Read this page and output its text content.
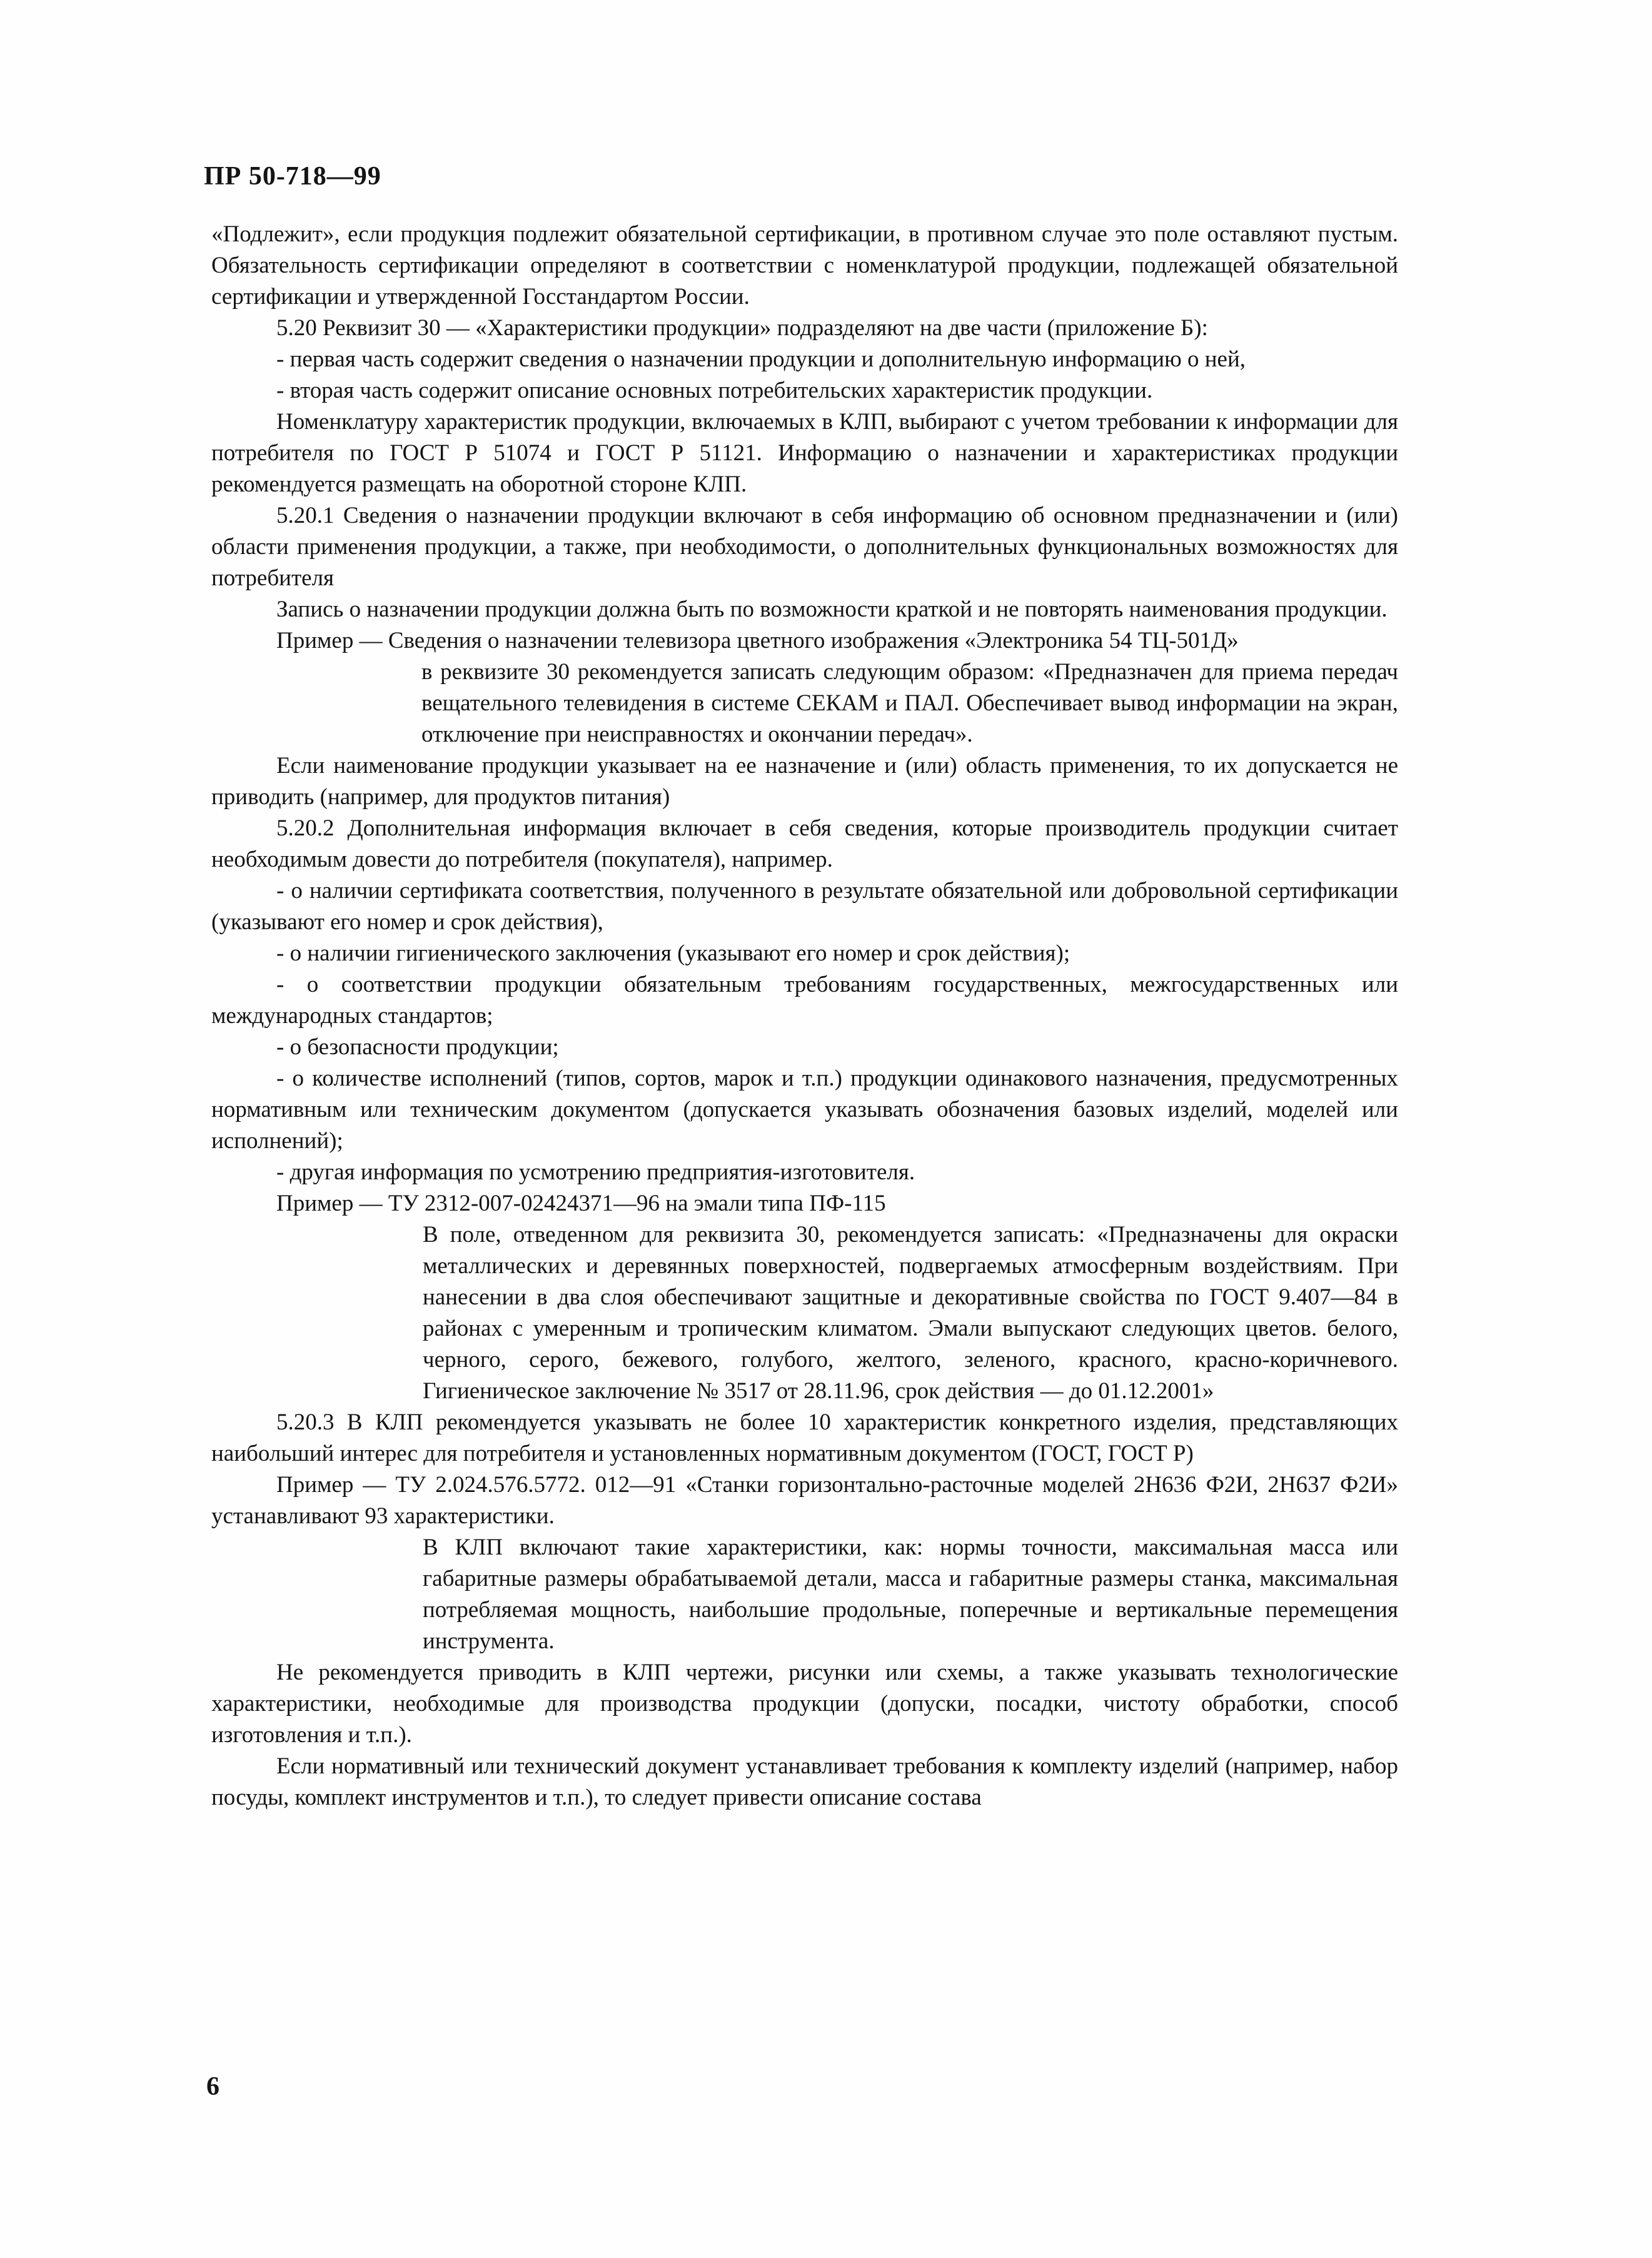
ПР 50-718—99

«Подлежит», если продукция подлежит обязательной сертификации, в противном случае это поле оставляют пустым. Обязательность сертификации определяют в соответствии с номенклатурой продукции, подлежащей обязательной сертификации и утвержденной Госстандартом России.

5.20 Реквизит 30 — «Характеристики продукции» подразделяют на две части (приложение Б):

- первая часть содержит сведения о назначении продукции и дополнительную информацию о ней,

- вторая часть содержит описание основных потребительских характеристик продукции.

Номенклатуру характеристик продукции, включаемых в КЛП, выбирают с учетом требовании к информации для потребителя по ГОСТ Р 51074 и ГОСТ Р 51121. Информацию о назначении и характеристиках продукции рекомендуется размещать на оборотной стороне КЛП.

5.20.1 Сведения о назначении продукции включают в себя информацию об основном предназначении и (или) области применения продукции, а также, при необходимости, о дополнительных функциональных возможностях для потребителя

Запись о назначении продукции должна быть по возможности краткой и не повторять наименования продукции.

Пример — Сведения о назначении телевизора цветного изображения «Электроника 54 ТЦ-501Д»

в реквизите 30 рекомендуется записать следующим образом: «Предназначен для приема передач вещательного телевидения в системе СЕКАМ и ПАЛ. Обеспечивает вывод информации на экран, отключение при неисправностях и окончании передач».

Если наименование продукции указывает на ее назначение и (или) область применения, то их допускается не приводить (например, для продуктов питания)

5.20.2 Дополнительная информация включает в себя сведения, которые производитель продукции считает необходимым довести до потребителя (покупателя), например.

- о наличии сертификата соответствия, полученного в результате обязательной или добровольной сертификации (указывают его номер и срок действия),

- о наличии гигиенического заключения (указывают его номер и срок действия);

- о соответствии продукции обязательным требованиям государственных, межгосударственных или международных стандартов;

- о безопасности продукции;

- о количестве исполнений (типов, сортов, марок и т.п.) продукции одинакового назначения, предусмотренных нормативным или техническим документом (допускается указывать обозначения базовых изделий, моделей или исполнений);

- другая информация по усмотрению предприятия-изготовителя.

Пример — ТУ 2312-007-02424371—96 на эмали типа ПФ-115

В поле, отведенном для реквизита 30, рекомендуется записать: «Предназначены для окраски металлических и деревянных поверхностей, подвергаемых атмосферным воздействиям. При нанесении в два слоя обеспечивают защитные и декоративные свойства по ГОСТ 9.407—84 в районах с умеренным и тропическим климатом. Эмали выпускают следующих цветов. белого, черного, серого, бежевого, голубого, желтого, зеленого, красного, красно-коричневого. Гигиеническое заключение № 3517 от 28.11.96, срок действия — до 01.12.2001»

5.20.3 В КЛП рекомендуется указывать не более 10 характеристик конкретного изделия, представляющих наибольший интерес для потребителя и установленных нормативным документом (ГОСТ, ГОСТ Р)

Пример — ТУ 2.024.576.5772. 012—91 «Станки горизонтально-расточные моделей 2Н636 Ф2И, 2Н637 Ф2И» устанавливают 93 характеристики.

В КЛП включают такие характеристики, как: нормы точности, максимальная масса или габаритные размеры обрабатываемой детали, масса и габаритные размеры станка, максимальная потребляемая мощность, наибольшие продольные, поперечные и вертикальные перемещения инструмента.

Не рекомендуется приводить в КЛП чертежи, рисунки или схемы, а также указывать технологические характеристики, необходимые для производства продукции (допуски, посадки, чистоту обработки, способ изготовления и т.п.).

Если нормативный или технический документ устанавливает требования к комплекту изделий (например, набор посуды, комплект инструментов и т.п.), то следует привести описание состава

6
